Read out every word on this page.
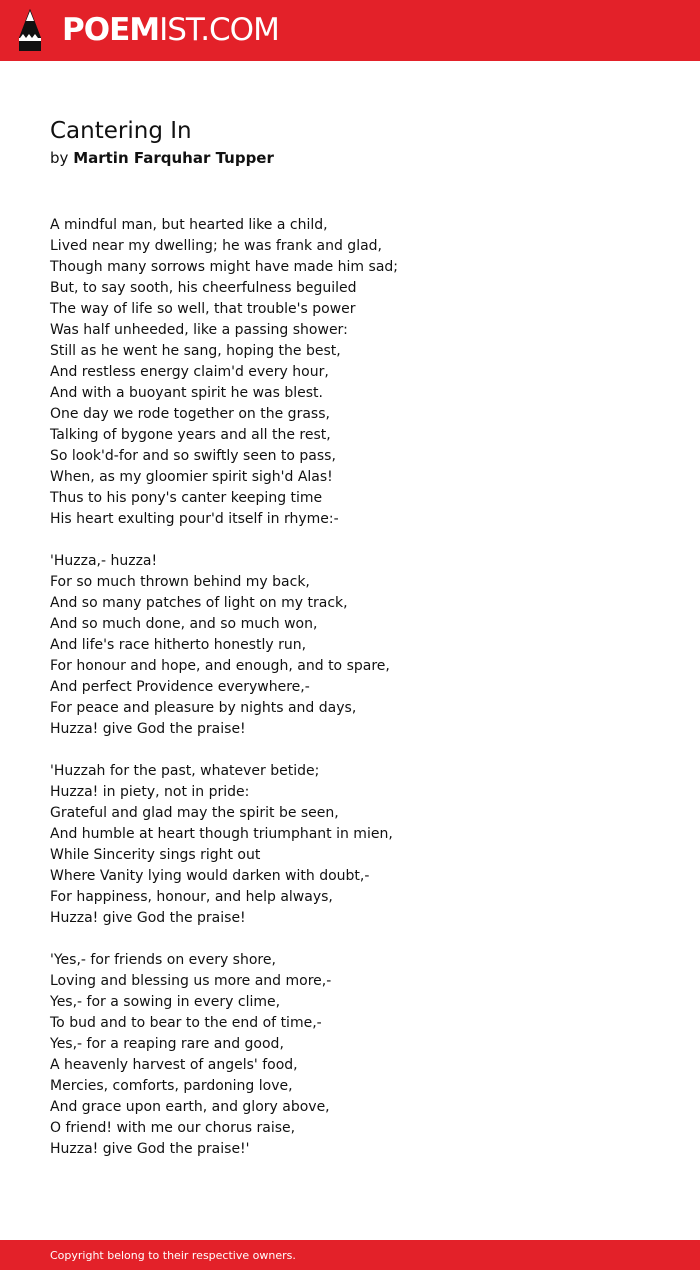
POEMIST.COM
Cantering In
by Martin Farquhar Tupper
A mindful man, but hearted like a child,
Lived near my dwelling; he was frank and glad,
Though many sorrows might have made him sad;
But, to say sooth, his cheerfulness beguiled
The way of life so well, that trouble's power
Was half unheeded, like a passing shower:
Still as he went he sang, hoping the best,
And restless energy claim'd every hour,
And with a buoyant spirit he was blest.
One day we rode together on the grass,
Talking of bygone years and all the rest,
So look'd-for and so swiftly seen to pass,
When, as my gloomier spirit sigh'd Alas!
Thus to his pony's canter keeping time
His heart exulting pour'd itself in rhyme:-
'Huzza,- huzza!
For so much thrown behind my back,
And so many patches of light on my track,
And so much done, and so much won,
And life's race hitherto honestly run,
For honour and hope, and enough, and to spare,
And perfect Providence everywhere,-
For peace and pleasure by nights and days,
Huzza! give God the praise!
'Huzzah for the past, whatever betide;
Huzza! in piety, not in pride:
Grateful and glad may the spirit be seen,
And humble at heart though triumphant in mien,
While Sincerity sings right out
Where Vanity lying would darken with doubt,-
For happiness, honour, and help always,
Huzza! give God the praise!
'Yes,- for friends on every shore,
Loving and blessing us more and more,-
Yes,- for a sowing in every clime,
To bud and to bear to the end of time,-
Yes,- for a reaping rare and good,
A heavenly harvest of angels' food,
Mercies, comforts, pardoning love,
And grace upon earth, and glory above,
O friend! with me our chorus raise,
Huzza! give God the praise!'
Copyright belong to their respective owners.
